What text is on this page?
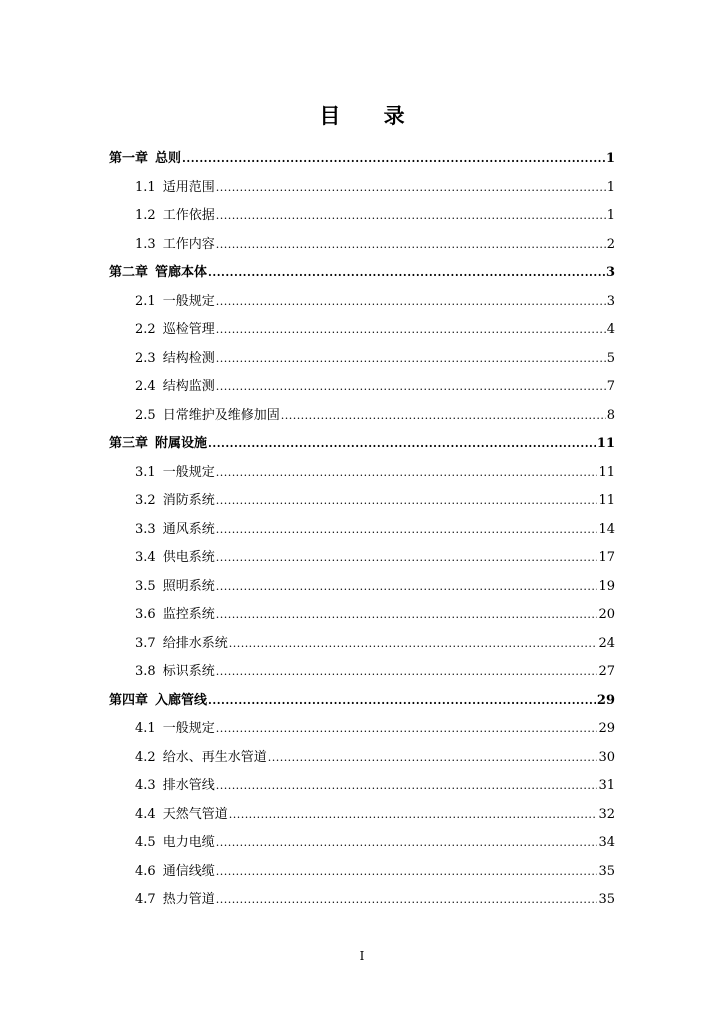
目 录
第一章 总则 .....	1
1.1 适用范围 .....	1
1.2 工作依据 .....	1
1.3 工作内容 .....	2
第二章 管廊本体 .....	3
2.1 一般规定 .....	3
2.2 巡检管理 .....	4
2.3 结构检测 .....	5
2.4 结构监测 .....	7
2.5 日常维护及维修加固 .....	8
第三章 附属设施 .....	11
3.1 一般规定 .....	11
3.2 消防系统 .....	11
3.3 通风系统 .....	14
3.4 供电系统 .....	17
3.5 照明系统 .....	19
3.6 监控系统 .....	20
3.7 给排水系统 .....	24
3.8 标识系统 .....	27
第四章 入廊管线 .....	29
4.1 一般规定 .....	29
4.2 给水、再生水管道 .....	30
4.3 排水管线 .....	31
4.4 天然气管道 .....	32
4.5 电力电缆 .....	34
4.6 通信线缆 .....	35
4.7 热力管道 .....	35
I
